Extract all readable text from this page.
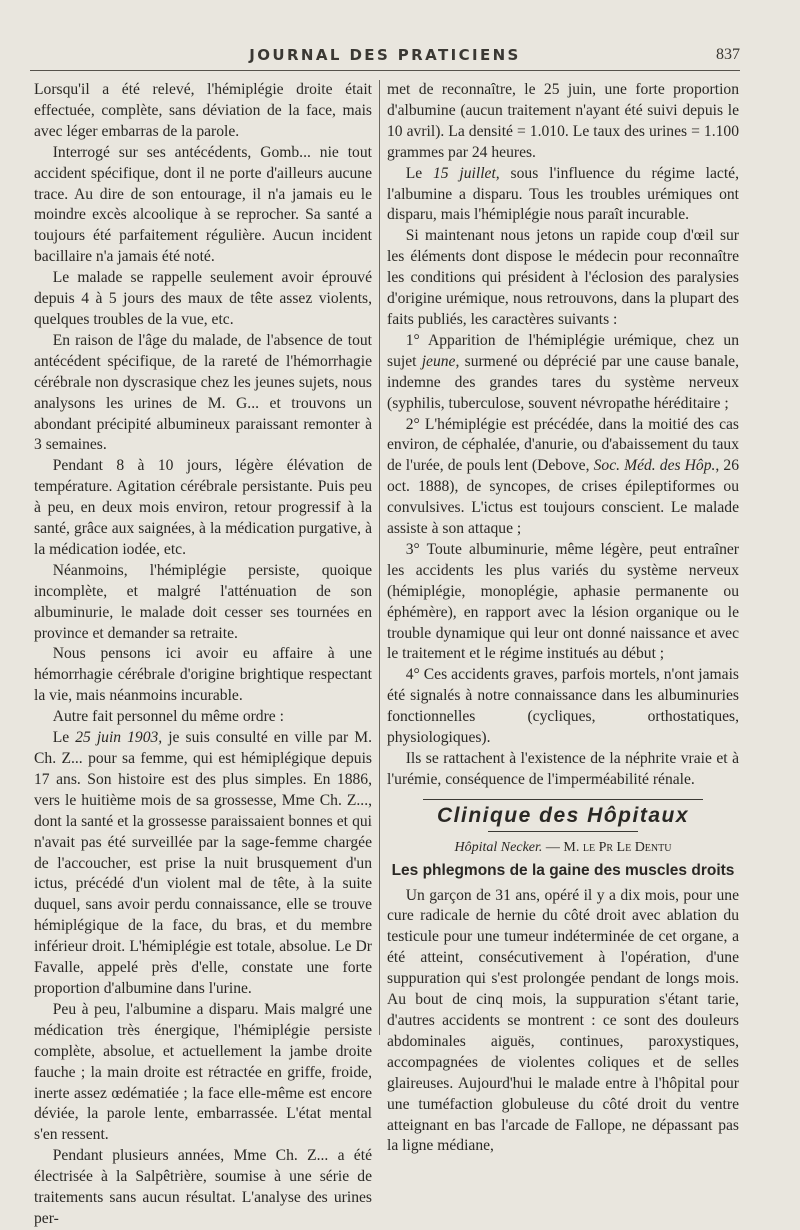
JOURNAL DES PRATICIENS	837

Lorsqu'il a été relevé, l'hémiplégie droite était effectuée, complète, sans déviation de la face, mais avec léger embarras de la parole.

Interrogé sur ses antécédents, Gomb... nie tout accident spécifique, dont il ne porte d'ailleurs aucune trace. Au dire de son entourage, il n'a jamais eu le moindre excès alcoolique à se reprocher. Sa santé a toujours été parfaitement régulière. Aucun incident bacillaire n'a jamais été noté.

Le malade se rappelle seulement avoir éprouvé depuis 4 à 5 jours des maux de tête assez violents, quelques troubles de la vue, etc.

En raison de l'âge du malade, de l'absence de tout antécédent spécifique, de la rareté de l'hémorrhagie cérébrale non dyscrasique chez les jeunes sujets, nous analysons les urines de M. G... et trouvons un abondant précipité albumineux paraissant remonter à 3 semaines.

Pendant 8 à 10 jours, légère élévation de température. Agitation cérébrale persistante. Puis peu à peu, en deux mois environ, retour progressif à la santé, grâce aux saignées, à la médication purgative, à la médication iodée, etc.

Néanmoins, l'hémiplégie persiste, quoique incomplète, et malgré l'atténuation de son albuminurie, le malade doit cesser ses tournées en province et demander sa retraite.

Nous pensons ici avoir eu affaire à une hémorrhagie cérébrale d'origine brightique respectant la vie, mais néanmoins incurable.

Autre fait personnel du même ordre :

Le 25 juin 1903, je suis consulté en ville par M. Ch. Z... pour sa femme, qui est hémiplégique depuis 17 ans. Son histoire est des plus simples. En 1886, vers le huitième mois de sa grossesse, Mme Ch. Z..., dont la santé et la grossesse paraissaient bonnes et qui n'avait pas été surveillée par la sage-femme chargée de l'accoucher, est prise la nuit brusquement d'un ictus, précédé d'un violent mal de tête, à la suite duquel, sans avoir perdu connaissance, elle se trouve hémiplégique de la face, du bras, et du membre inférieur droit. L'hémiplégie est totale, absolue. Le Dr Favalle, appelé près d'elle, constate une forte proportion d'albumine dans l'urine.

Peu à peu, l'albumine a disparu. Mais malgré une médication très énergique, l'hémiplégie persiste complète, absolue, et actuellement la jambe droite fauche ; la main droite est rétractée en griffe, froide, inerte assez œdématiée ; la face elle-même est encore déviée, la parole lente, embarrassée. L'état mental s'en ressent.

Pendant plusieurs années, Mme Ch. Z... a été électrisée à la Salpêtrière, soumise à une série de traitements sans aucun résultat. L'analyse des urines per-

met de reconnaître, le 25 juin, une forte proportion d'albumine (aucun traitement n'ayant été suivi depuis le 10 avril). La densité = 1.010. Le taux des urines = 1.100 grammes par 24 heures.

Le 15 juillet, sous l'influence du régime lacté, l'albumine a disparu. Tous les troubles urémiques ont disparu, mais l'hémiplégie nous paraît incurable.

Si maintenant nous jetons un rapide coup d'œil sur les éléments dont dispose le médecin pour reconnaître les conditions qui président à l'éclosion des paralysies d'origine urémique, nous retrouvons, dans la plupart des faits publiés, les caractères suivants :

1° Apparition de l'hémiplégie urémique, chez un sujet jeune, surmené ou déprécié par une cause banale, indemne des grandes tares du système nerveux (syphilis, tuberculose, souvent névropathe héréditaire ;

2° L'hémiplégie est précédée, dans la moitié des cas environ, de céphalée, d'anurie, ou d'abaissement du taux de l'urée, de pouls lent (Debove, Soc. Méd. des Hôp., 26 oct. 1888), de syncopes, de crises épileptiformes ou convulsives. L'ictus est toujours conscient. Le malade assiste à son attaque ;

3° Toute albuminurie, même légère, peut entraîner les accidents les plus variés du système nerveux (hémiplégie, monoplégie, aphasie permanente ou éphémère), en rapport avec la lésion organique ou le trouble dynamique qui leur ont donné naissance et avec le traitement et le régime institués au début ;

4° Ces accidents graves, parfois mortels, n'ont jamais été signalés à notre connaissance dans les albuminuries fonctionnelles (cycliques, orthostatiques, physiologiques).

Ils se rattachent à l'existence de la néphrite vraie et à l'urémie, conséquence de l'imperméabilité rénale.

Clinique des Hôpitaux
Hôpital Necker. — M. le Pr Le Dentu
Les phlegmons de la gaine des muscles droits

Un garçon de 31 ans, opéré il y a dix mois, pour une cure radicale de hernie du côté droit avec ablation du testicule pour une tumeur indéterminée de cet organe, a été atteint, consécutivement à l'opération, d'une suppuration qui s'est prolongée pendant de longs mois. Au bout de cinq mois, la suppuration s'étant tarie, d'autres accidents se montrent : ce sont des douleurs abdominales aiguës, continues, paroxystiques, accompagnées de violentes coliques et de selles glaireuses. Aujourd'hui le malade entre à l'hôpital pour une tuméfaction globuleuse du côté droit du ventre atteignant en bas l'arcade de Fallope, ne dépassant pas la ligne médiane,
